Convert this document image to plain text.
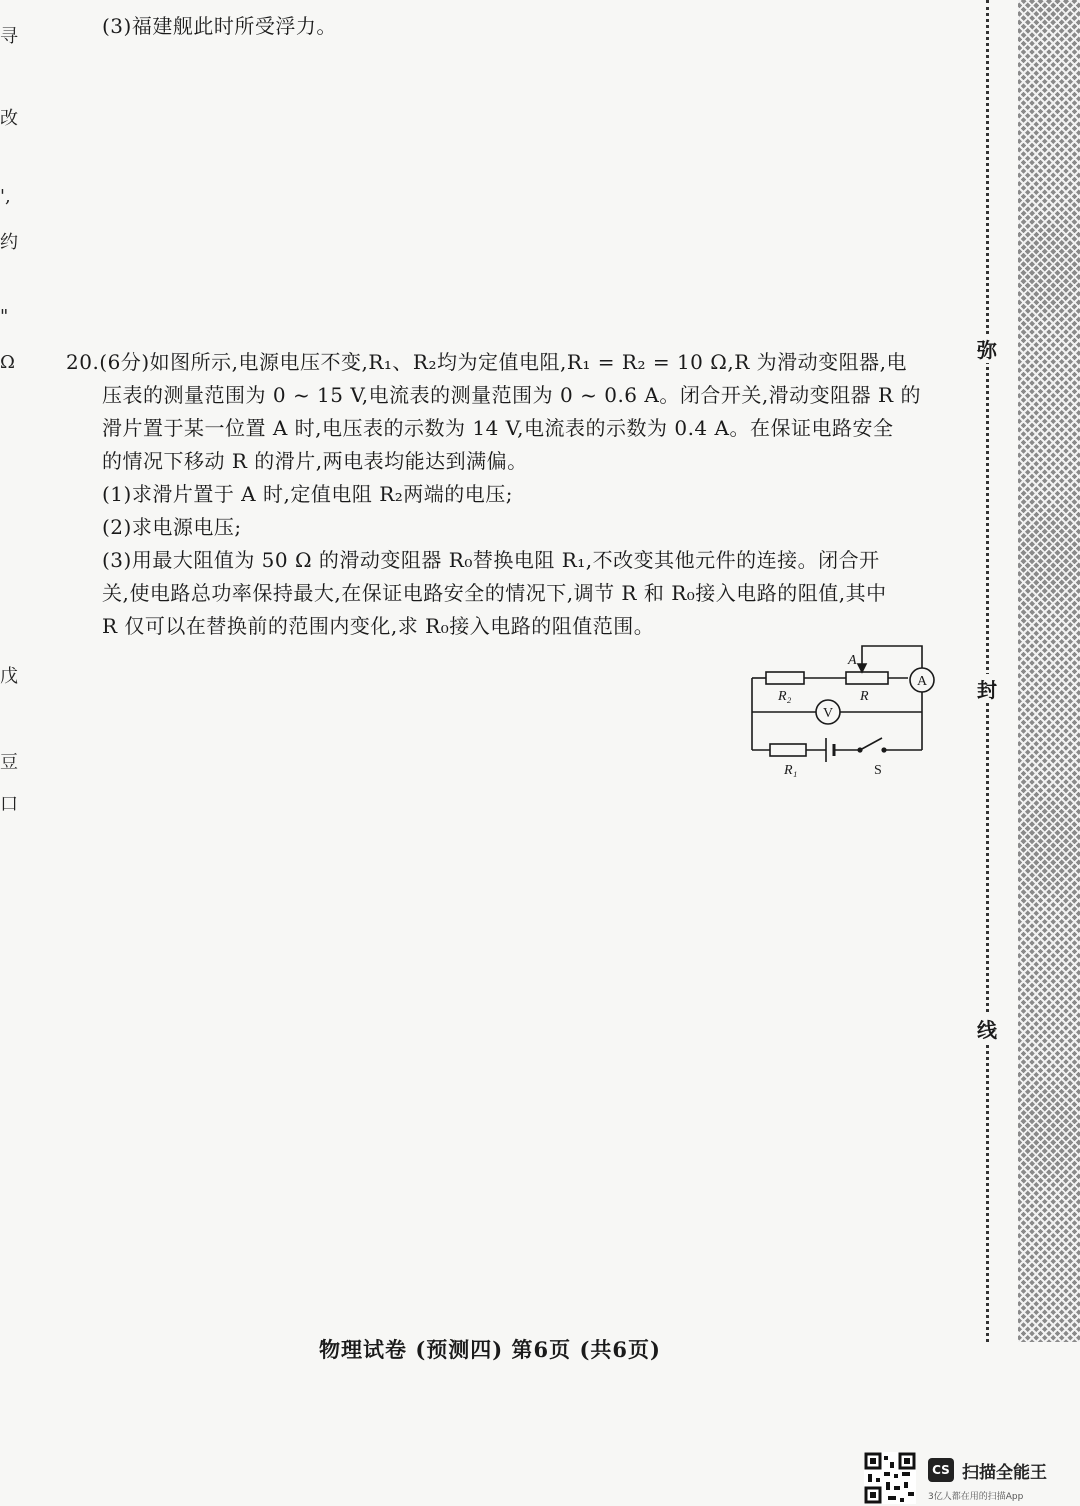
寻
改
',
约
"
Ω
戊
豆
口
(3)福建舰此时所受浮力。
20.(6分)如图所示,电源电压不变,R₁、R₂均为定值电阻,R₁ = R₂ = 10 Ω,R 为滑动变阻器,电
压表的测量范围为 0 ~ 15 V,电流表的测量范围为 0 ~ 0.6 A。闭合开关,滑动变阻器 R 的
滑片置于某一位置 A 时,电压表的示数为 14 V,电流表的示数为 0.4 A。在保证电路安全
的情况下移动 R 的滑片,两电表均能达到满偏。
(1)求滑片置于 A 时,定值电阻 R₂两端的电压;
(2)求电源电压;
(3)用最大阻值为 50 Ω 的滑动变阻器 R₀替换电阻 R₁,不改变其他元件的连接。闭合开
关,使电路总功率保持最大,在保证电路安全的情况下,调节 R 和 R₀接入电路的阻值,其中
R 仅可以在替换前的范围内变化,求 R₀接入电路的阻值范围。
A
R₂	R
R₁	S
A
V
弥
封
线
物理试卷 (预测四) 第6页 (共6页)
CS 扫描全能王
3亿人都在用的扫描App
